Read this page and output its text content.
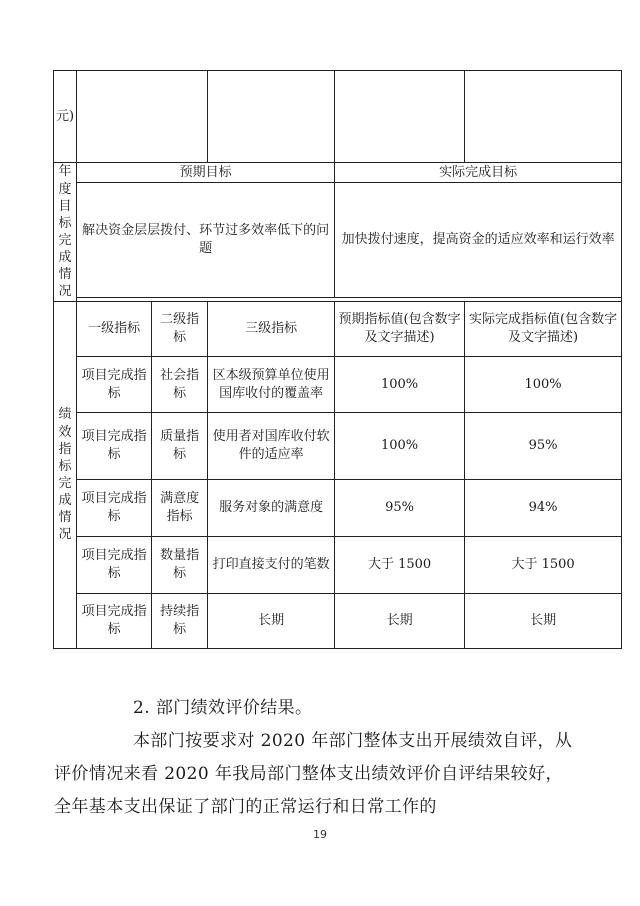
元)					

年度目标完成情况	预期目标			实际完成目标	
	解决资金层层拨付、环节过多效率低下的问题			加快拨付速度，提高资金的适应效率和运行效率	

绩效指标完成情况	一级指标	二级指标	三级指标	预期指标值(包含数字及文字描述)	实际完成指标值(包含数字及文字描述)
	项目完成指标	社会指标	区本级预算单位使用国库收付的覆盖率	100%	100%
	项目完成指标	质量指标	使用者对国库收付软件的适应率	100%	95%
	项目完成指标	满意度指标	服务对象的满意度	95%	94%
	项目完成指标	数量指标	打印直接支付的笔数	大于 1500	大于 1500
	项目完成指标	持续指标	长期	长期	长期
2. 部门绩效评价结果。
本部门按要求对 2020 年部门整体支出开展绩效自评，从评价情况来看 2020 年我局部门整体支出绩效评价自评结果较好，全年基本支出保证了部门的正常运行和日常工作的
19
